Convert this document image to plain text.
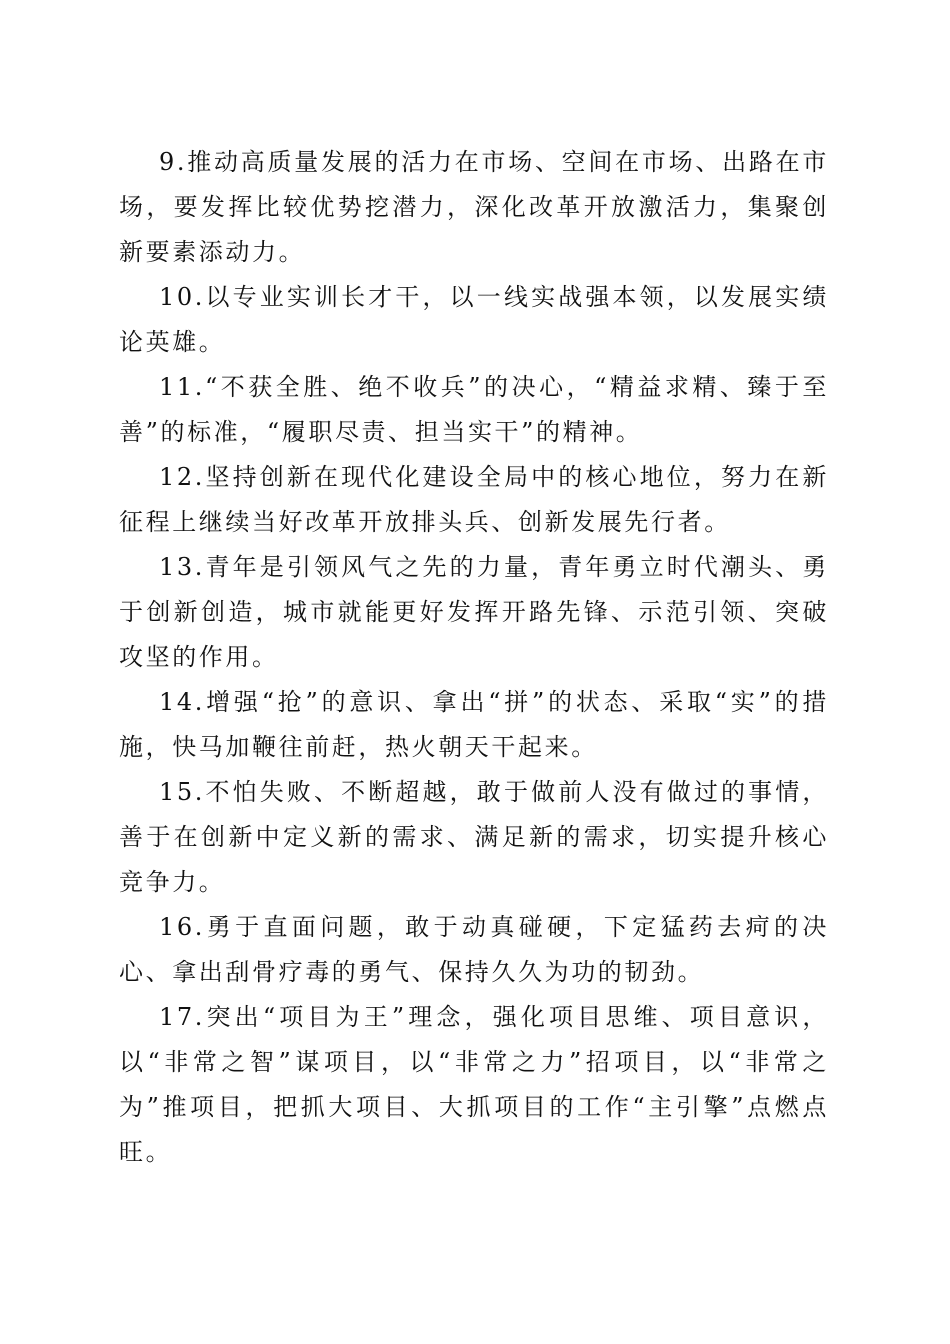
9.推动高质量发展的活力在市场、空间在市场、出路在市场，要发挥比较优势挖潜力，深化改革开放激活力，集聚创新要素添动力。

10.以专业实训长才干，以一线实战强本领，以发展实绩论英雄。

11.“不获全胜、绝不收兵”的决心，“精益求精、臻于至善”的标准，“履职尽责、担当实干”的精神。

12.坚持创新在现代化建设全局中的核心地位，努力在新征程上继续当好改革开放排头兵、创新发展先行者。

13.青年是引领风气之先的力量，青年勇立时代潮头、勇于创新创造，城市就能更好发挥开路先锋、示范引领、突破攻坚的作用。

14.增强“抢”的意识、拿出“拼”的状态、采取“实”的措施，快马加鞭往前赶，热火朝天干起来。

15.不怕失败、不断超越，敢于做前人没有做过的事情，善于在创新中定义新的需求、满足新的需求，切实提升核心竞争力。

16.勇于直面问题，敢于动真碰硬，下定猛药去疴的决心、拿出刮骨疗毒的勇气、保持久久为功的韧劲。

17.突出“项目为王”理念，强化项目思维、项目意识，以“非常之智”谋项目，以“非常之力”招项目，以“非常之为”推项目，把抓大项目、大抓项目的工作“主引擎”点燃点旺。
